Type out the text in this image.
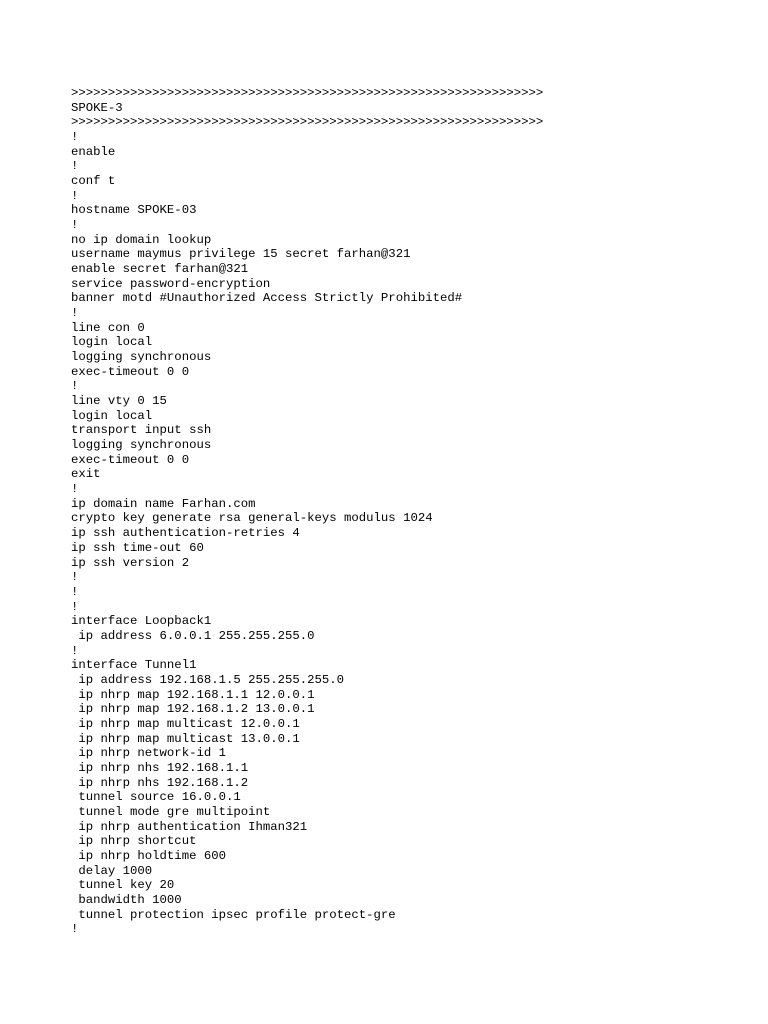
>>>>>>>>>>>>>>>>>>>>>>>>>>>>>>>>>>>>>>>>>>>>>>>>>>>>>>>>>>>>>>>>
SPOKE-3
>>>>>>>>>>>>>>>>>>>>>>>>>>>>>>>>>>>>>>>>>>>>>>>>>>>>>>>>>>>>>>>>
!
enable
!
conf t
!
hostname SPOKE-03
!
no ip domain lookup
username maymus privilege 15 secret farhan@321
enable secret farhan@321
service password-encryption
banner motd #Unauthorized Access Strictly Prohibited#
!
line con 0
login local
logging synchronous
exec-timeout 0 0
!
line vty 0 15
login local
transport input ssh
logging synchronous
exec-timeout 0 0
exit
!
ip domain name Farhan.com
crypto key generate rsa general-keys modulus 1024
ip ssh authentication-retries 4
ip ssh time-out 60
ip ssh version 2
!
!
!
interface Loopback1
ip address 6.0.0.1 255.255.255.0
!
interface Tunnel1
ip address 192.168.1.5 255.255.255.0
ip nhrp map 192.168.1.1 12.0.0.1
ip nhrp map 192.168.1.2 13.0.0.1
ip nhrp map multicast 12.0.0.1
ip nhrp map multicast 13.0.0.1
ip nhrp network-id 1
ip nhrp nhs 192.168.1.1
ip nhrp nhs 192.168.1.2
tunnel source 16.0.0.1
tunnel mode gre multipoint
ip nhrp authentication Ihman321
ip nhrp shortcut
ip nhrp holdtime 600
delay 1000
tunnel key 20
bandwidth 1000
tunnel protection ipsec profile protect-gre
!
